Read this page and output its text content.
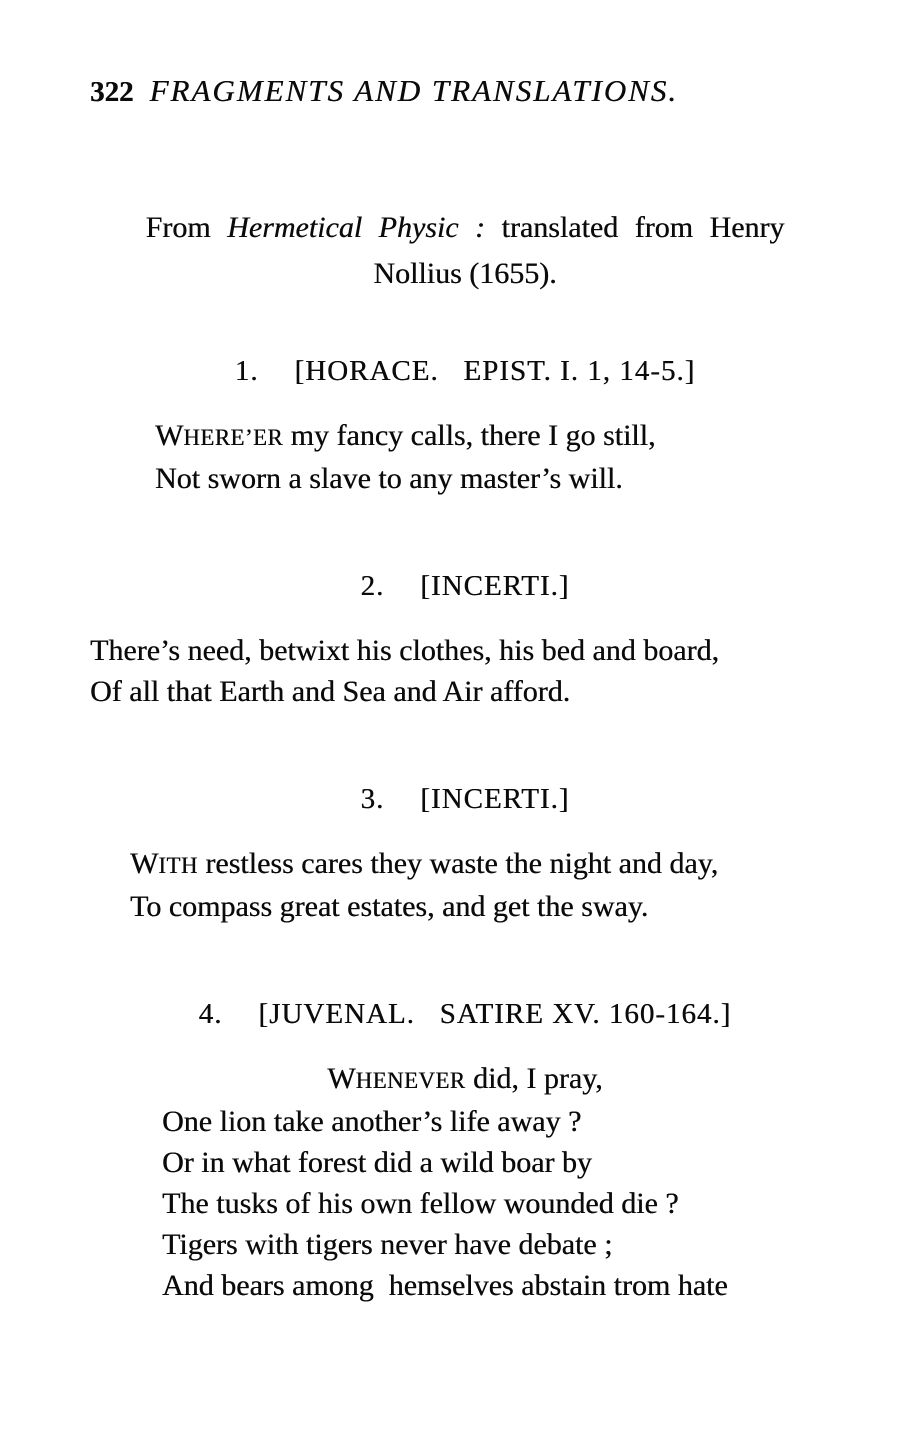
322 FRAGMENTS AND TRANSLATIONS.

From Hermetical Physic : translated from Henry

Nollius (1655).

1. [HORACE.   EPIST. I. 1, 14-5.]

WHERE’ER my fancy calls, there I go still,

Not sworn a slave to any master’s will.

2. [INCERTI.]

There’s need, betwixt his clothes, his bed and board,

Of all that Earth and Sea and Air afford.

3. [INCERTI.]

WITH restless cares they waste the night and day,

To compass great estates, and get the sway.

4. [JUVENAL.   SATIRE XV. 160-164.]

WHENEVER did, I pray,

One lion take another’s life away ?

Or in what forest did a wild boar by

The tusks of his own fellow wounded die ?

Tigers with tigers never have debate ;

And bears among  hemselves abstain trom hate
